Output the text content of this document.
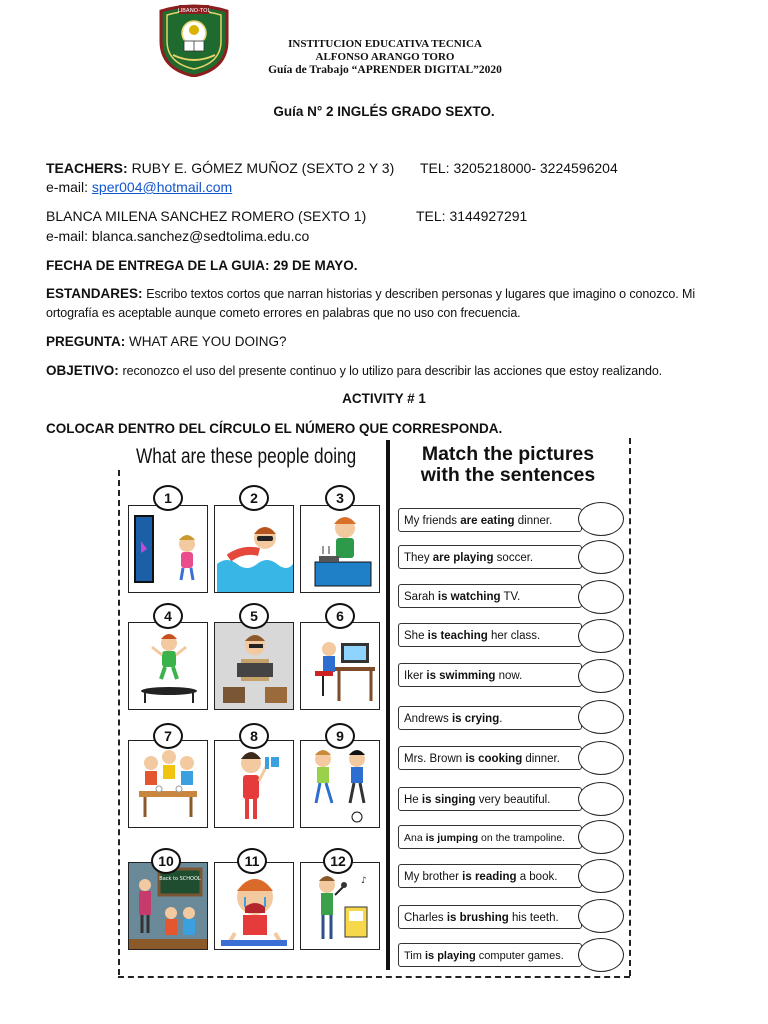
LIBANO-TOL
INSTITUCION EDUCATIVA TECNICA
ALFONSO ARANGO TORO
Guía de Trabajo “APRENDER DIGITAL”2020
Guía N° 2 INGLÉS GRADO SEXTO.
TEACHERS: RUBY E. GÓMEZ MUÑOZ (SEXTO 2 Y 3) TEL: 3205218000- 3224596204
e-mail: sper004@hotmail.com
BLANCA MILENA SANCHEZ ROMERO (SEXTO 1)	TEL: 3144927291
e-mail: blanca.sanchez@sedtolima.edu.co
FECHA DE ENTREGA DE LA GUIA: 29 DE MAYO.
ESTANDARES: Escribo textos cortos que narran historias y describen personas y lugares que imagino o conozco. Mi
ortografía es aceptable aunque cometo errores en palabras que no uso con frecuencia.
PREGUNTA: WHAT ARE YOU DOING?
OBJETIVO: reconozco el uso del presente continuo y lo utilizo para describir las acciones que estoy realizando.
ACTIVITY # 1
COLOCAR DENTRO DEL CÍRCULO EL NÚMERO QUE CORRESPONDA.
What are these people doing	Match the pictures
with the sentences
Back to SCHOOL	♪
1	2	3
4	5	6
7	8	9
10	11	12
My friends are eating dinner.
They are playing soccer.
Sarah is watching TV.
She is teaching her class.
Iker is swimming now.
Andrews is crying.
Mrs. Brown is cooking dinner.
He is singing very beautiful.
Ana is jumping on the trampoline.
My brother is reading a book.
Charles is brushing his teeth.
Tim is playing computer games.
